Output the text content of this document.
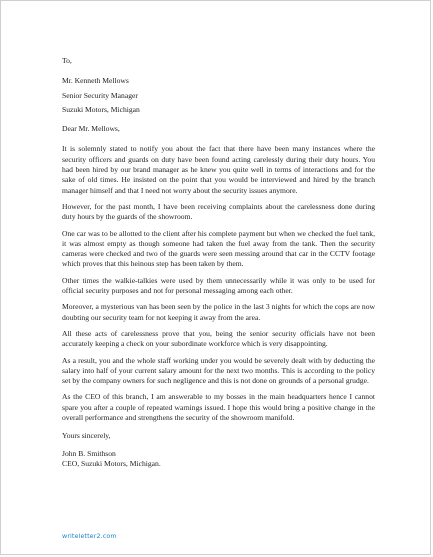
To,

Mr. Kenneth Mellows

Senior Security Manager

Suzuki Motors, Michigan

Dear Mr. Mellows,

It is solemnly stated to notify you about the fact that there have been many instances where the security officers and guards on duty have been found acting carelessly during their duty hours. You had been hired by our brand manager as he knew you quite well in terms of interactions and for the sake of old times. He insisted on the point that you would be interviewed and hired by the branch manager himself and that I need not worry about the security issues anymore.

However, for the past month, I have been receiving complaints about the carelessness done during duty hours by the guards of the showroom.

One car was to be allotted to the client after his complete payment but when we checked the fuel tank, it was almost empty as though someone had taken the fuel away from the tank. Then the security cameras were checked and two of the guards were seen messing around that car in the CCTV footage which proves that this heinous step has been taken by them.

Other times the walkie-talkies were used by them unnecessarily while it was only to be used for official security purposes and not for personal messaging among each other.

Moreover, a mysterious van has been seen by the police in the last 3 nights for which the cops are now doubting our security team for not keeping it away from the area.

All these acts of carelessness prove that you, being the senior security officials have not been accurately keeping a check on your subordinate workforce which is very disappointing.

As a result, you and the whole staff working under you would be severely dealt with by deducting the salary into half of your current salary amount for the next two months. This is according to the policy set by the company owners for such negligence and this is not done on grounds of a personal grudge.

As the CEO of this branch, I am answerable to my bosses in the main headquarters hence I cannot spare you after a couple of repeated warnings issued. I hope this would bring a positive change in the overall performance and strengthens the security of the showroom manifold.

Yours sincerely,

John B. Smithson

CEO, Suzuki Motors, Michigan.

writeletter2.com
